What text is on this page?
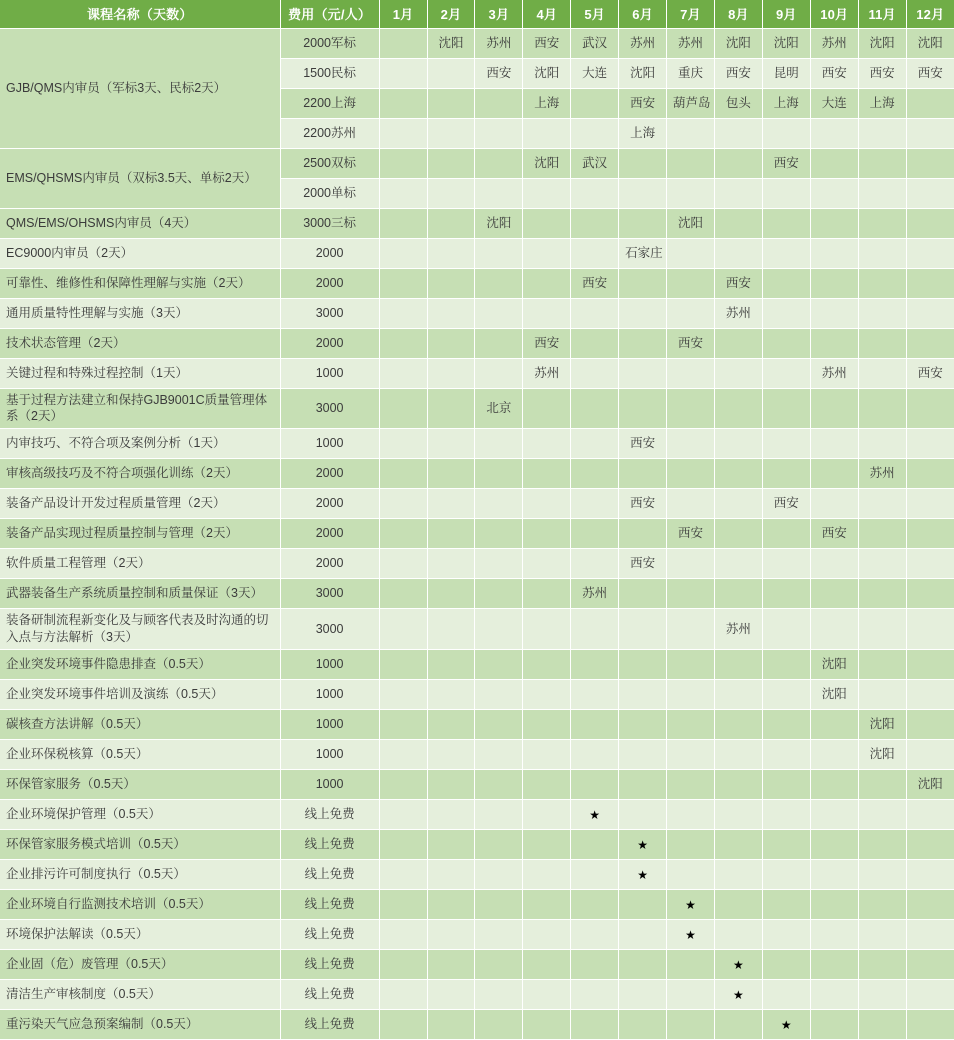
课程名称（天数）	费用（元/人）	1月	2月	3月	4月	5月	6月	7月	8月	9月	10月	11月	12月
GJB/QMS内审员（军标3天、民标2天）	2000军标		沈阳	苏州	西安	武汉	苏州	苏州	沈阳	沈阳	苏州	沈阳	沈阳
	1500民标			西安	沈阳	大连	沈阳	重庆	西安	昆明	西安	西安	西安
	2200上海				上海		西安	葫芦岛	包头	上海	大连	上海	
	2200苏州						上海						
EMS/QHSMS内审员（双标3.5天、单标2天）	2500双标				沈阳	武汉				西安			
	2000单标												
QMS/EMS/OHSMS内审员（4天）	3000三标			沈阳				沈阳					
EC9000内审员（2天）	2000						石家庄						
可靠性、维修性和保障性理解与实施（2天）	2000					西安			西安				
通用质量特性理解与实施（3天）	3000								苏州				
技术状态管理（2天）	2000				西安			西安					
关键过程和特殊过程控制（1天）	1000				苏州						苏州		西安
基于过程方法建立和保持GJB9001C质量管理体系（2天）	3000			北京									
内审技巧、不符合项及案例分析（1天）	1000						西安						
审核高级技巧及不符合项强化训练（2天）	2000											苏州	
装备产品设计开发过程质量管理（2天）	2000						西安			西安			
装备产品实现过程质量控制与管理（2天）	2000							西安			西安		
软件质量工程管理（2天）	2000						西安						
武器装备生产系统质量控制和质量保证（3天）	3000					苏州							
装备研制流程新变化及与顾客代表及时沟通的切入点与方法解析（3天）	3000								苏州				
企业突发环境事件隐患排查（0.5天）	1000										沈阳		
企业突发环境事件培训及演练（0.5天）	1000										沈阳		
碳核查方法讲解（0.5天）	1000											沈阳	
企业环保税核算（0.5天）	1000											沈阳	
环保管家服务（0.5天）	1000												沈阳
企业环境保护管理（0.5天）	线上免费					★							
环保管家服务模式培训（0.5天）	线上免费						★						
企业排污许可制度执行（0.5天）	线上免费						★						
企业环境自行监测技术培训（0.5天）	线上免费							★					
环境保护法解读（0.5天）	线上免费							★					
企业固（危）废管理（0.5天）	线上免费								★				
清洁生产审核制度（0.5天）	线上免费								★				
重污染天气应急预案编制（0.5天）	线上免费									★			
